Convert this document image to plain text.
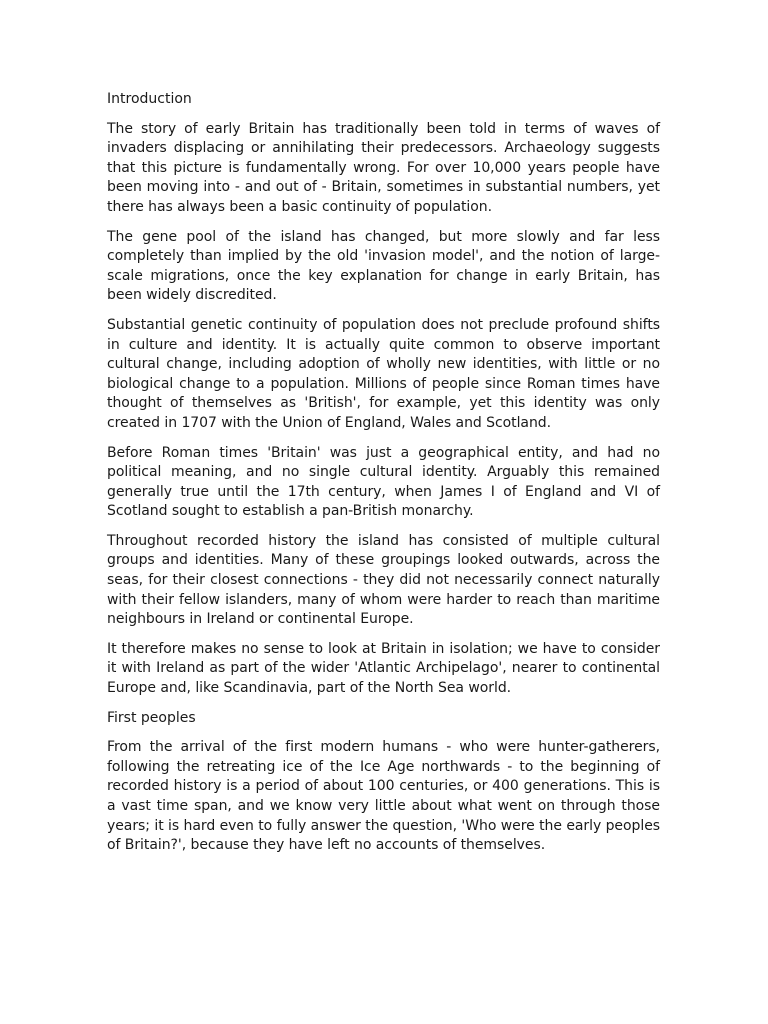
Introduction

The story of early Britain has traditionally been told in terms of waves of invaders displacing or annihilating their predecessors. Archaeology suggests that this picture is fundamentally wrong. For over 10,000 years people have been moving into - and out of - Britain, sometimes in substantial numbers, yet there has always been a basic continuity of population.

The gene pool of the island has changed, but more slowly and far less completely than implied by the old 'invasion model', and the notion of large-scale migrations, once the key explanation for change in early Britain, has been widely discredited.

Substantial genetic continuity of population does not preclude profound shifts in culture and identity. It is actually quite common to observe important cultural change, including adoption of wholly new identities, with little or no biological change to a population. Millions of people since Roman times have thought of themselves as 'British', for example, yet this identity was only created in 1707 with the Union of England, Wales and Scotland.

Before Roman times 'Britain' was just a geographical entity, and had no political meaning, and no single cultural identity. Arguably this remained generally true until the 17th century, when James I of England and VI of Scotland sought to establish a pan-British monarchy.

Throughout recorded history the island has consisted of multiple cultural groups and identities. Many of these groupings looked outwards, across the seas, for their closest connections - they did not necessarily connect naturally with their fellow islanders, many of whom were harder to reach than maritime neighbours in Ireland or continental Europe.

It therefore makes no sense to look at Britain in isolation; we have to consider it with Ireland as part of the wider 'Atlantic Archipelago', nearer to continental Europe and, like Scandinavia, part of the North Sea world.

First peoples

From the arrival of the first modern humans - who were hunter-gatherers, following the retreating ice of the Ice Age northwards - to the beginning of recorded history is a period of about 100 centuries, or 400 generations. This is a vast time span, and we know very little about what went on through those years; it is hard even to fully answer the question, 'Who were the early peoples of Britain?', because they have left no accounts of themselves.
